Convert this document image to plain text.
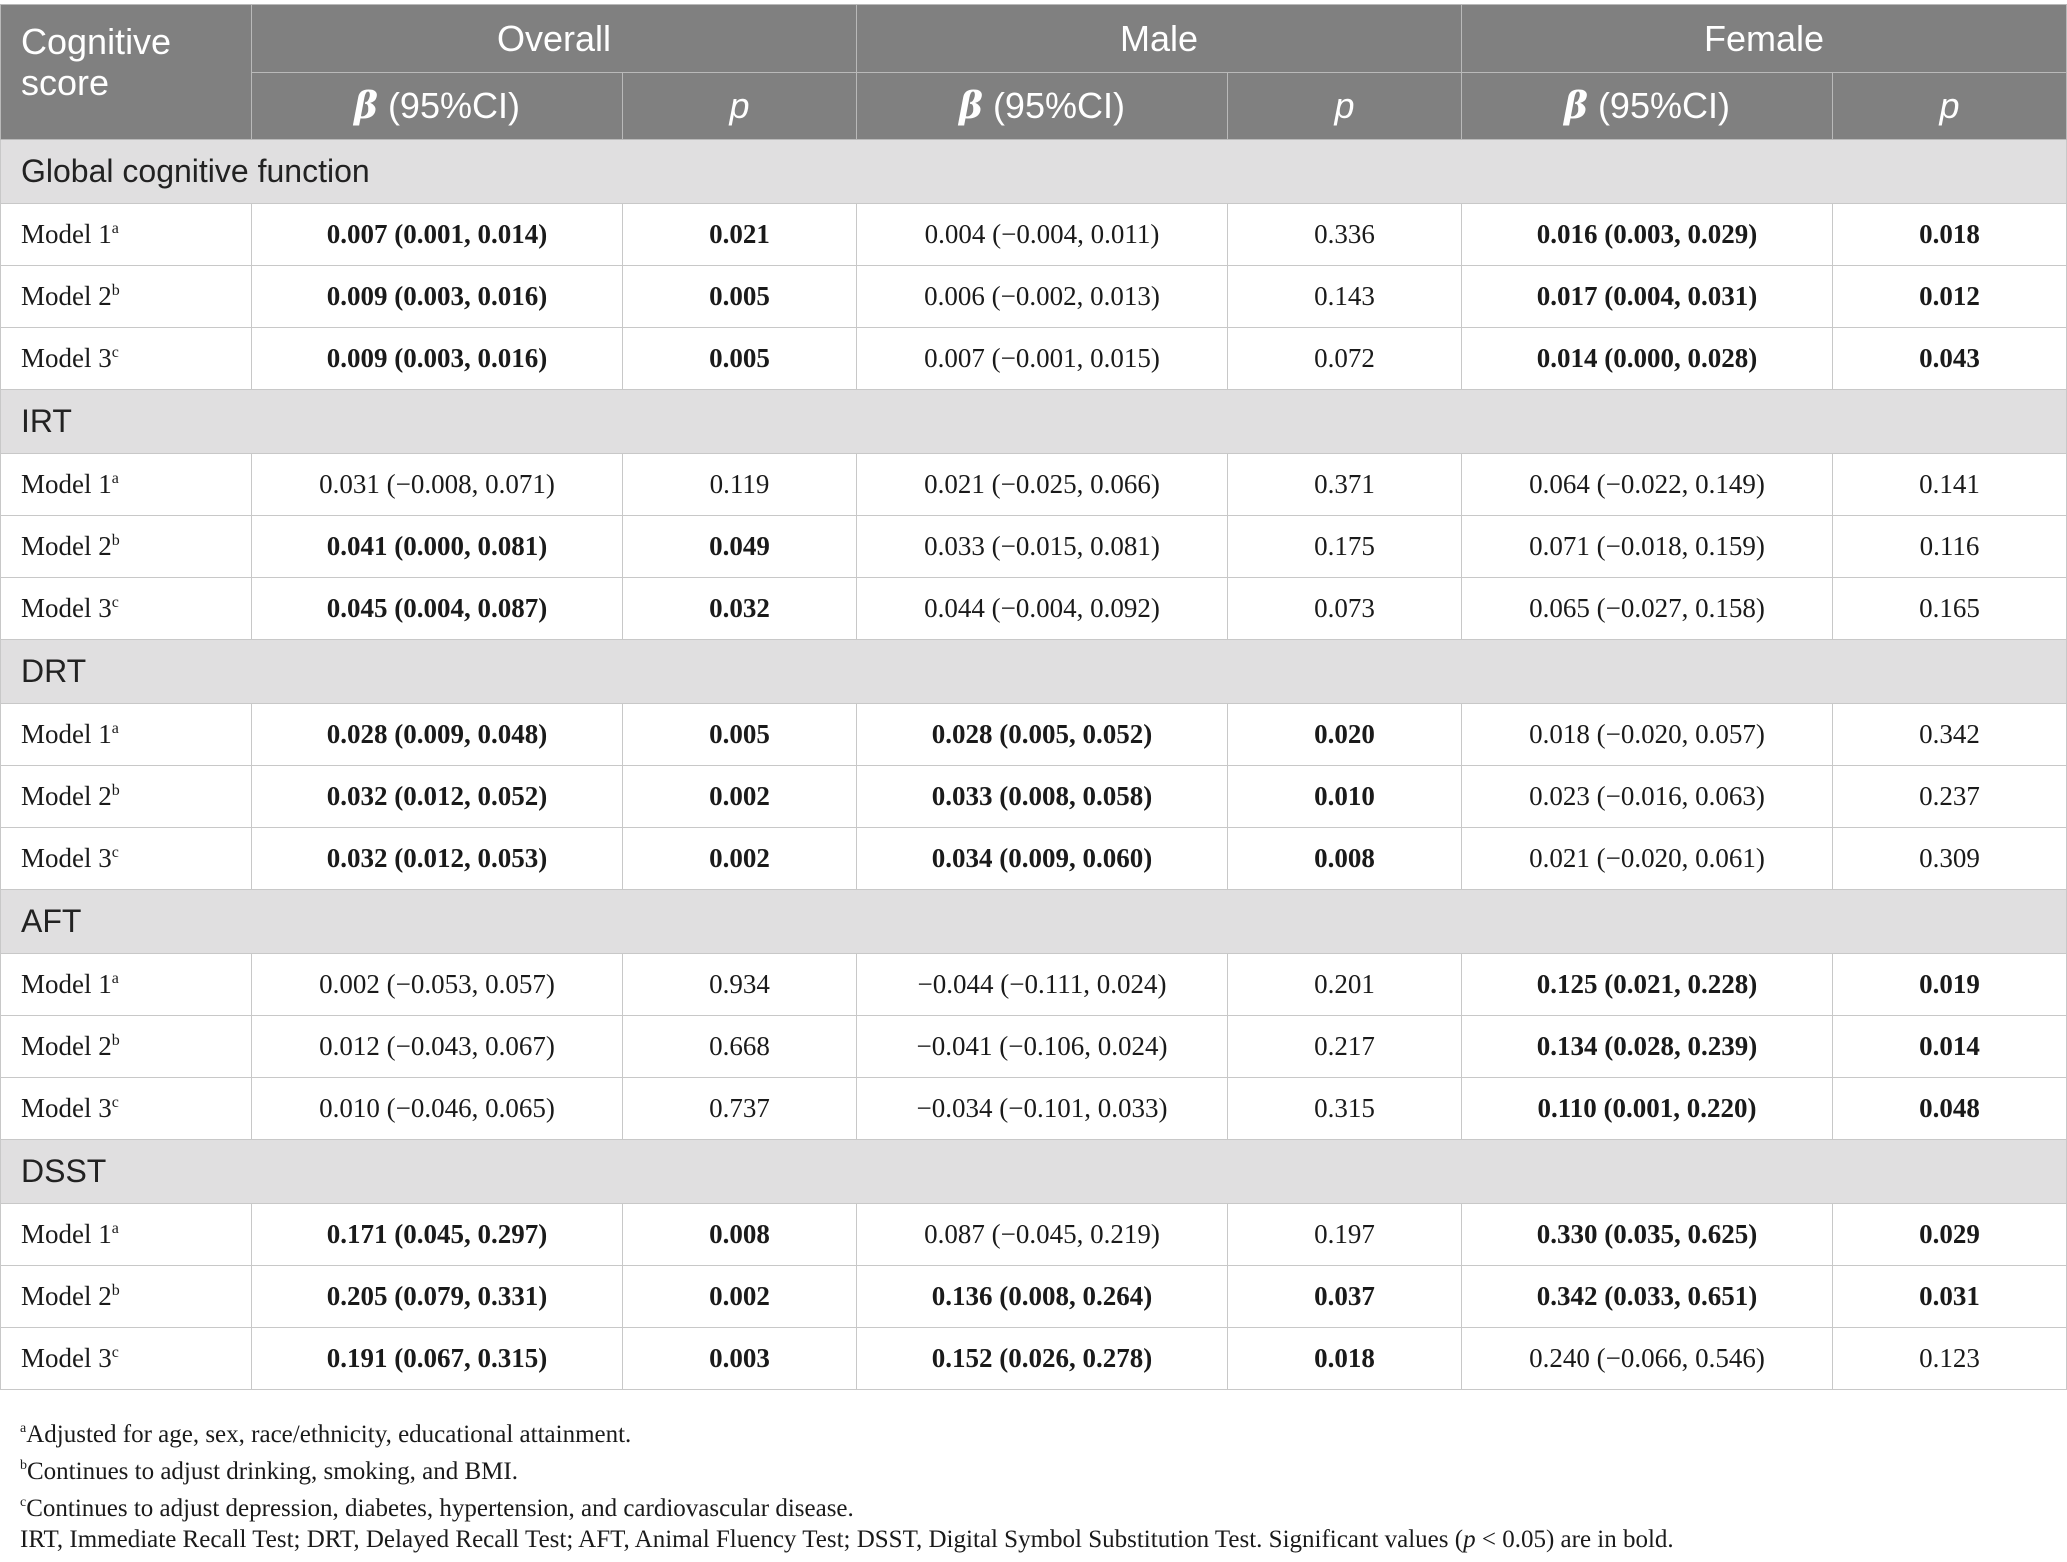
Cognitive score	Overall		Male		Female	
	β (95%CI)	p	β (95%CI)	p	β (95%CI)	p
Global cognitive function						
Model 1$^a$	0.007 (0.001, 0.014)	0.021	0.004 (−0.004, 0.011)	0.336	0.016 (0.003, 0.029)	0.018
Model 2$^b$	0.009 (0.003, 0.016)	0.005	0.006 (−0.002, 0.013)	0.143	0.017 (0.004, 0.031)	0.012
Model 3$^c$	0.009 (0.003, 0.016)	0.005	0.007 (−0.001, 0.015)	0.072	0.014 (0.000, 0.028)	0.043
IRT						
Model 1$^a$	0.031 (−0.008, 0.071)	0.119	0.021 (−0.025, 0.066)	0.371	0.064 (−0.022, 0.149)	0.141
Model 2$^b$	0.041 (0.000, 0.081)	0.049	0.033 (−0.015, 0.081)	0.175	0.071 (−0.018, 0.159)	0.116
Model 3$^c$	0.045 (0.004, 0.087)	0.032	0.044 (−0.004, 0.092)	0.073	0.065 (−0.027, 0.158)	0.165
DRT						
Model 1$^a$	0.028 (0.009, 0.048)	0.005	0.028 (0.005, 0.052)	0.020	0.018 (−0.020, 0.057)	0.342
Model 2$^b$	0.032 (0.012, 0.052)	0.002	0.033 (0.008, 0.058)	0.010	0.023 (−0.016, 0.063)	0.237
Model 3$^c$	0.032 (0.012, 0.053)	0.002	0.034 (0.009, 0.060)	0.008	0.021 (−0.020, 0.061)	0.309
AFT						
Model 1$^a$	0.002 (−0.053, 0.057)	0.934	−0.044 (−0.111, 0.024)	0.201	0.125 (0.021, 0.228)	0.019
Model 2$^b$	0.012 (−0.043, 0.067)	0.668	−0.041 (−0.106, 0.024)	0.217	0.134 (0.028, 0.239)	0.014
Model 3$^c$	0.010 (−0.046, 0.065)	0.737	−0.034 (−0.101, 0.033)	0.315	0.110 (0.001, 0.220)	0.048
DSST						
Model 1$^a$	0.171 (0.045, 0.297)	0.008	0.087 (−0.045, 0.219)	0.197	0.330 (0.035, 0.625)	0.029
Model 2$^b$	0.205 (0.079, 0.331)	0.002	0.136 (0.008, 0.264)	0.037	0.342 (0.033, 0.651)	0.031
Model 3$^c$	0.191 (0.067, 0.315)	0.003	0.152 (0.026, 0.278)	0.018	0.240 (−0.066, 0.546)	0.123
$^a$Adjusted for age, sex, race/ethnicity, educational attainment.
$^b$Continues to adjust drinking, smoking, and BMI.
$^c$Continues to adjust depression, diabetes, hypertension, and cardiovascular disease.
IRT, Immediate Recall Test; DRT, Delayed Recall Test; AFT, Animal Fluency Test; DSST, Digital Symbol Substitution Test. Significant values (p < 0.05) are in bold.
